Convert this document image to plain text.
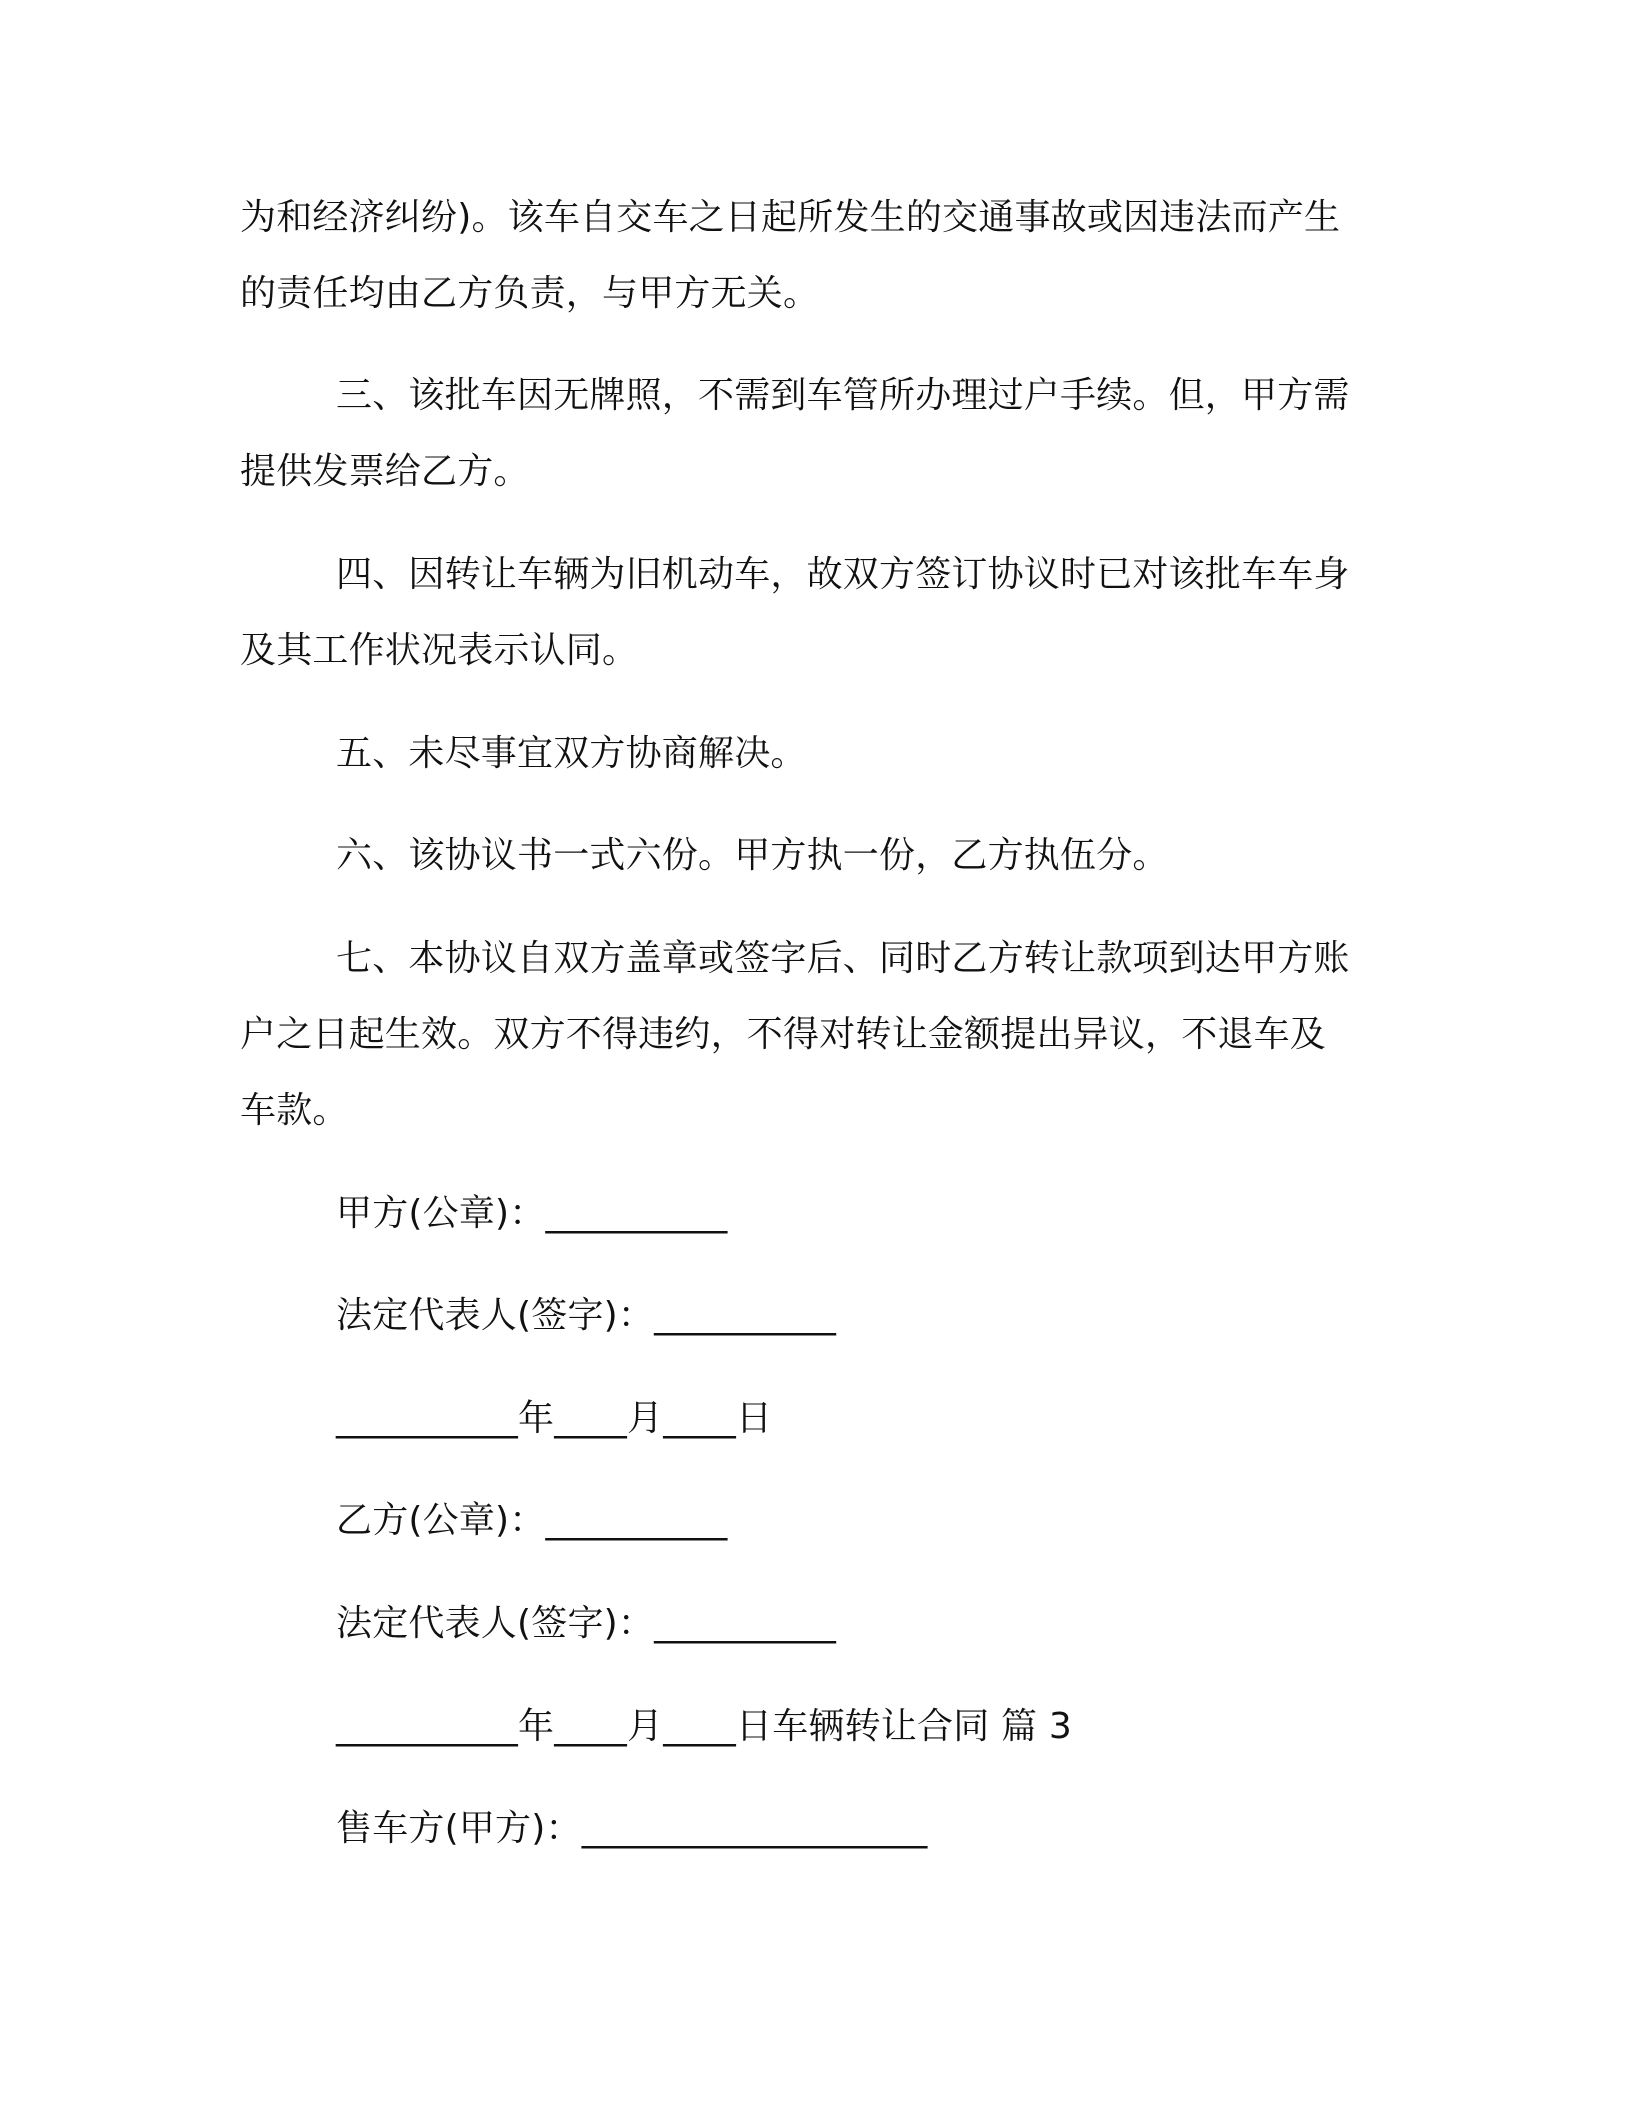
为和经济纠纷)。该车自交车之日起所发生的交通事故或因违法而产生
的责任均由乙方负责，与甲方无关。
三、该批车因无牌照，不需到车管所办理过户手续。但，甲方需
提供发票给乙方。
四、因转让车辆为旧机动车，故双方签订协议时已对该批车车身
及其工作状况表示认同。
五、未尽事宜双方协商解决。
六、该协议书一式六份。甲方执一份，乙方执伍分。
七、本协议自双方盖章或签字后、同时乙方转让款项到达甲方账
户之日起生效。双方不得违约，不得对转让金额提出异议，不退车及
车款。
甲方(公章)：__________
法定代表人(签字)：__________
__________年____月____日
乙方(公章)：__________
法定代表人(签字)：__________
__________年____月____日车辆转让合同 篇 3
售车方(甲方)：___________________
